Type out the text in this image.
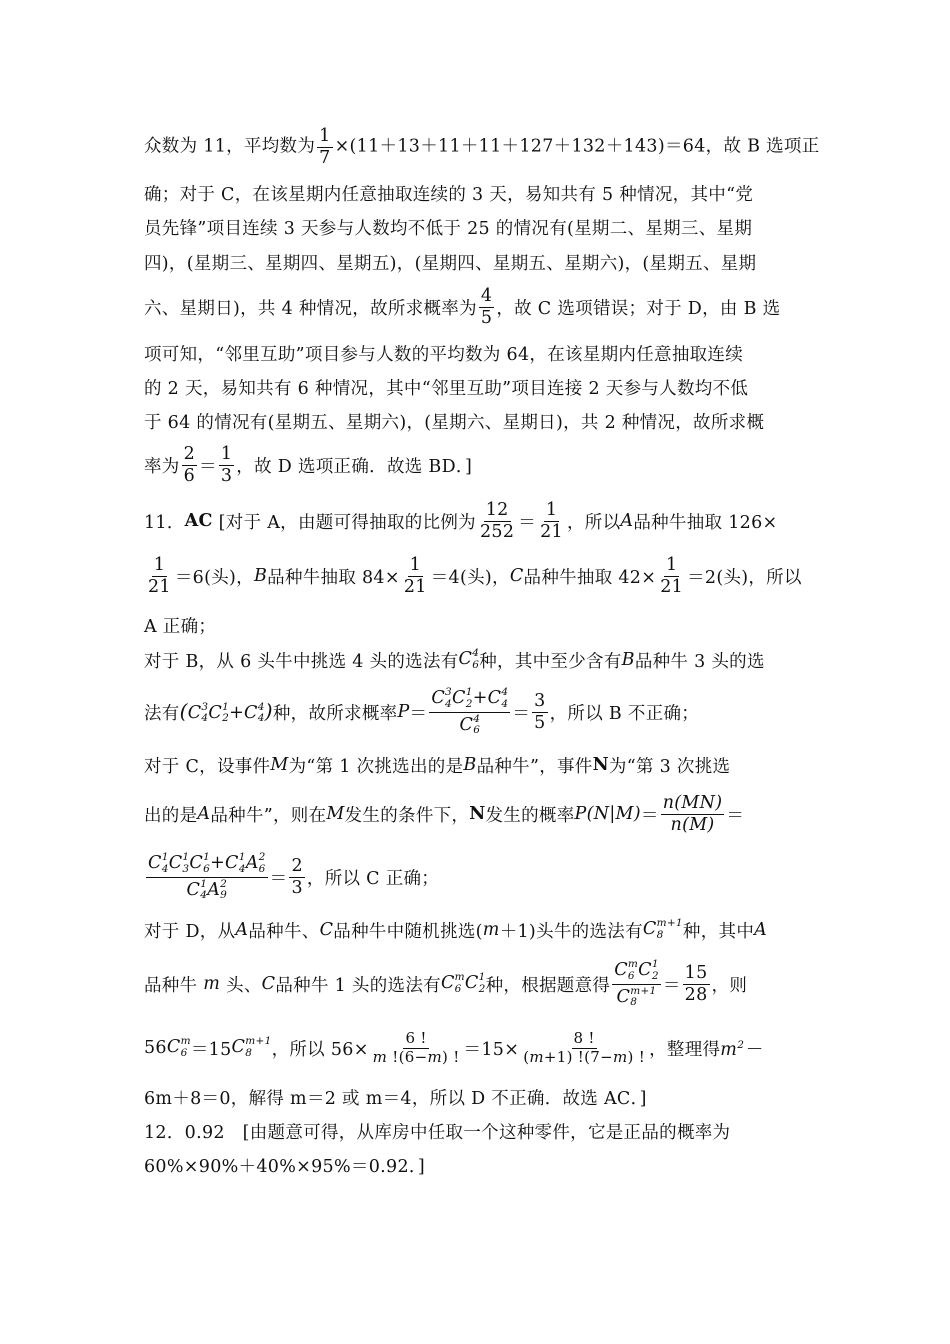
众数为 11，平均数为 $\frac{1}{7} \times(11+13+11+11+127+132+143)=64$，故 B 选项正
确；对于 C，在该星期内任意抽取连续的 3 天，易知共有 5 种情况，其中“党
员先锋”项目连续 3 天参与人数均不低于 25 的情况有(星期二、星期三、星期
四)，(星期三、星期四、星期五)，(星期四、星期五、星期六)，(星期五、星期
六、星期日)，共 4 种情况，故所求概率为 $\frac{4}{5}$ ，故 C 选项错误；对于 D，由 B 选
项可知，“邻里互助”项目参与人数的平均数为 64，在该星期内任意抽取连续
的 2 天，易知共有 6 种情况，其中“邻里互助”项目连接 2 天参与人数均不低
于 64 的情况有(星期五、星期六)，(星期六、星期日)，共 2 种情况，故所求概
率为 $\frac{2}{6} = \frac{1}{3}$ ，故 D 选项正确．故选 BD．]
11． AC
[对于 A，由题可得抽取的比例为 $\frac{12}{252} = \frac{1}{21}$ ，所以 A 品种牛抽取 126×
$\frac{1}{21} =6$(头)， B 品种牛抽取 $84\times \frac{1}{21} =4$(头)， C 品种牛抽取 $42\times \frac{1}{21} =2$(头)，所以
A 正确；
对于 B，从 6 头牛中挑选 4 头的选法有 C 4
6 种，其中至少含有 B 品种牛 3 头的选
法有 (C 3
4 C 1
2 +C 4
4 ) 种，故所求概率 P ＝ C 3
4 C 1
2 +C 4
4
C 4
$6 = \frac{3}{5}$ ，所以 B 不正确；
对于 C，设事件 M 为“第 1 次挑选出的是 B 品种牛”，事件 N 为“第 3 次挑选
出的是 A 品种牛”，则在 M 发生的条件下， N 发生的概率 $P(N|M) = \frac{n(MN)}{n(M)}$ ＝
C 1
4 C 1
3 C 1
6 +C 1
4 A 2
6
C 1
4 A 2
$9 = \frac{2}{3}$ ，所以 C 正确；
对于 D，从 A 品种牛、 C 品种牛中随机挑选( m ＋1)头牛的选法有 C m+1
8	种，其中 A
品种牛
m
头、 C 品种牛 1 头的选法有 C m
6 C 1
2 种，根据题意得 C m
6 C 1
2
C m+1
$8 = \frac{15}{28}$ ，则
56 C m
6 ＝15 C m+1
8	，所以 $56\times \frac{6 !}{m !(6-m) !} =15\times \frac{8 !}{(m+1) !(7-m) !}$ ，整理得 $m^2-$
6m＋8＝0，解得 m＝2 或 m＝4，所以 D 不正确．故选 AC．]
12．0.92　[由题意可得，从库房中任取一个这种零件，它是正品的概率为
60%×90%＋40%×95%＝0.92．]
